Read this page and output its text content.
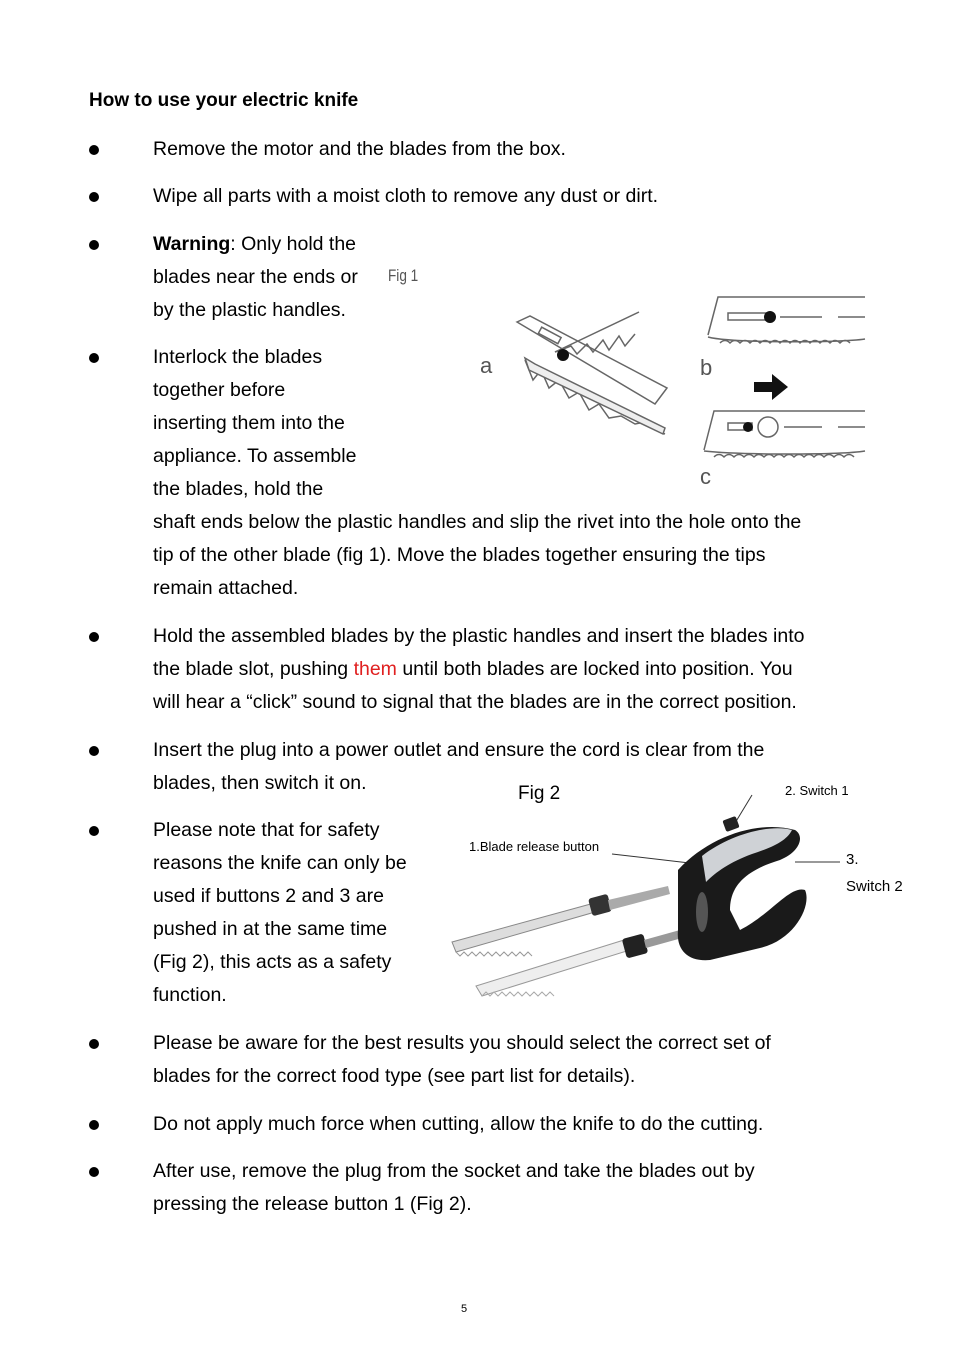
How to use your electric knife
Remove the motor and the blades from the box.
Wipe all parts with a moist cloth to remove any dust or dirt.
Warning: Only hold the
blades near the ends or
by the plastic handles.
Interlock the blades
together before
inserting them into the
appliance. To assemble
the blades, hold the
shaft ends below the plastic handles and slip the rivet into the hole onto the
tip of the other blade (fig 1). Move the blades together ensuring the tips
remain attached.
Hold the assembled blades by the plastic handles and insert the blades into
the blade slot, pushing them until both blades are locked into position. You
will hear a “click” sound to signal that the blades are in the correct position.
Insert the plug into a power outlet and ensure the cord is clear from the
blades, then switch it on.
Please note that for safety
reasons the knife can only be
used if buttons 2 and 3 are
pushed in at the same time
(Fig 2), this acts as a safety
function.
Please be aware for the best results you should select the correct set of
blades for the correct food type (see part list for details).
Do not apply much force when cutting, allow the knife to do the cutting.
After use, remove the plug from the socket and take the blades out by
pressing the release button 1 (Fig 2).
Fig 1
a	b
c
Fig 2	2. Switch 1
1.Blade release button
3.
Switch 2
5
